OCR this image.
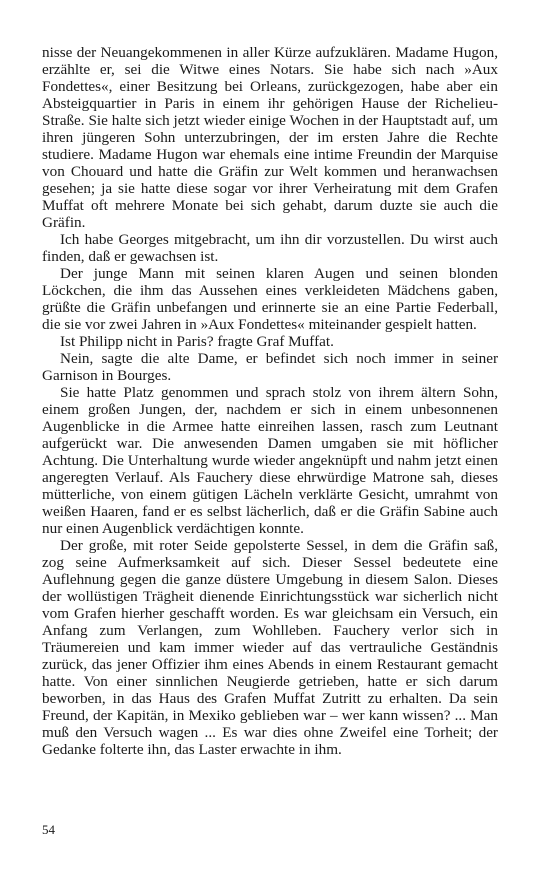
nisse der Neuangekommenen in aller Kürze aufzuklären. Madame Hugon, erzählte er, sei die Witwe eines Notars. Sie habe sich nach »Aux Fondettes«, einer Besitzung bei Orleans, zurückgezogen, habe aber ein Absteigquartier in Paris in einem ihr gehörigen Hause der Richelieu-Straße. Sie halte sich jetzt wieder einige Wochen in der Hauptstadt auf, um ihren jüngeren Sohn unterzubringen, der im ersten Jahre die Rechte studiere. Madame Hugon war ehemals eine intime Freundin der Marquise von Chouard und hatte die Gräfin zur Welt kommen und heranwachsen gesehen; ja sie hatte diese sogar vor ihrer Verheiratung mit dem Grafen Muffat oft mehrere Monate bei sich gehabt, darum duzte sie auch die Gräfin.

Ich habe Georges mitgebracht, um ihn dir vorzustellen. Du wirst auch finden, daß er gewachsen ist.

Der junge Mann mit seinen klaren Augen und seinen blonden Löckchen, die ihm das Aussehen eines verkleideten Mädchens gaben, grüßte die Gräfin unbefangen und erinnerte sie an eine Partie Federball, die sie vor zwei Jahren in »Aux Fondettes« miteinander gespielt hatten.

Ist Philipp nicht in Paris? fragte Graf Muffat.

Nein, sagte die alte Dame, er befindet sich noch immer in seiner Garnison in Bourges.

Sie hatte Platz genommen und sprach stolz von ihrem ältern Sohn, einem großen Jungen, der, nachdem er sich in einem unbesonnenen Augenblicke in die Armee hatte einreihen lassen, rasch zum Leutnant aufgerückt war. Die anwesenden Damen umgaben sie mit höflicher Achtung. Die Unterhaltung wurde wieder angeknüpft und nahm jetzt einen angeregten Verlauf. Als Fauchery diese ehrwürdige Matrone sah, dieses mütterliche, von einem gütigen Lächeln verklärte Gesicht, umrahmt von weißen Haaren, fand er es selbst lächerlich, daß er die Gräfin Sabine auch nur einen Augenblick verdächtigen konnte.

Der große, mit roter Seide gepolsterte Sessel, in dem die Gräfin saß, zog seine Aufmerksamkeit auf sich. Dieser Sessel bedeutete eine Auflehnung gegen die ganze düstere Umgebung in diesem Salon. Dieses der wollüstigen Trägheit dienende Einrichtungsstück war sicherlich nicht vom Grafen hierher geschafft worden. Es war gleichsam ein Versuch, ein Anfang zum Verlangen, zum Wohlleben. Fauchery verlor sich in Träumereien und kam immer wieder auf das vertrauliche Geständnis zurück, das jener Offizier ihm eines Abends in einem Restaurant gemacht hatte. Von einer sinnlichen Neugierde getrieben, hatte er sich darum beworben, in das Haus des Grafen Muffat Zutritt zu erhalten. Da sein Freund, der Kapitän, in Mexiko geblieben war – wer kann wissen? ... Man muß den Versuch wagen ... Es war dies ohne Zweifel eine Torheit; der Gedanke folterte ihn, das Laster erwachte in ihm.

54
